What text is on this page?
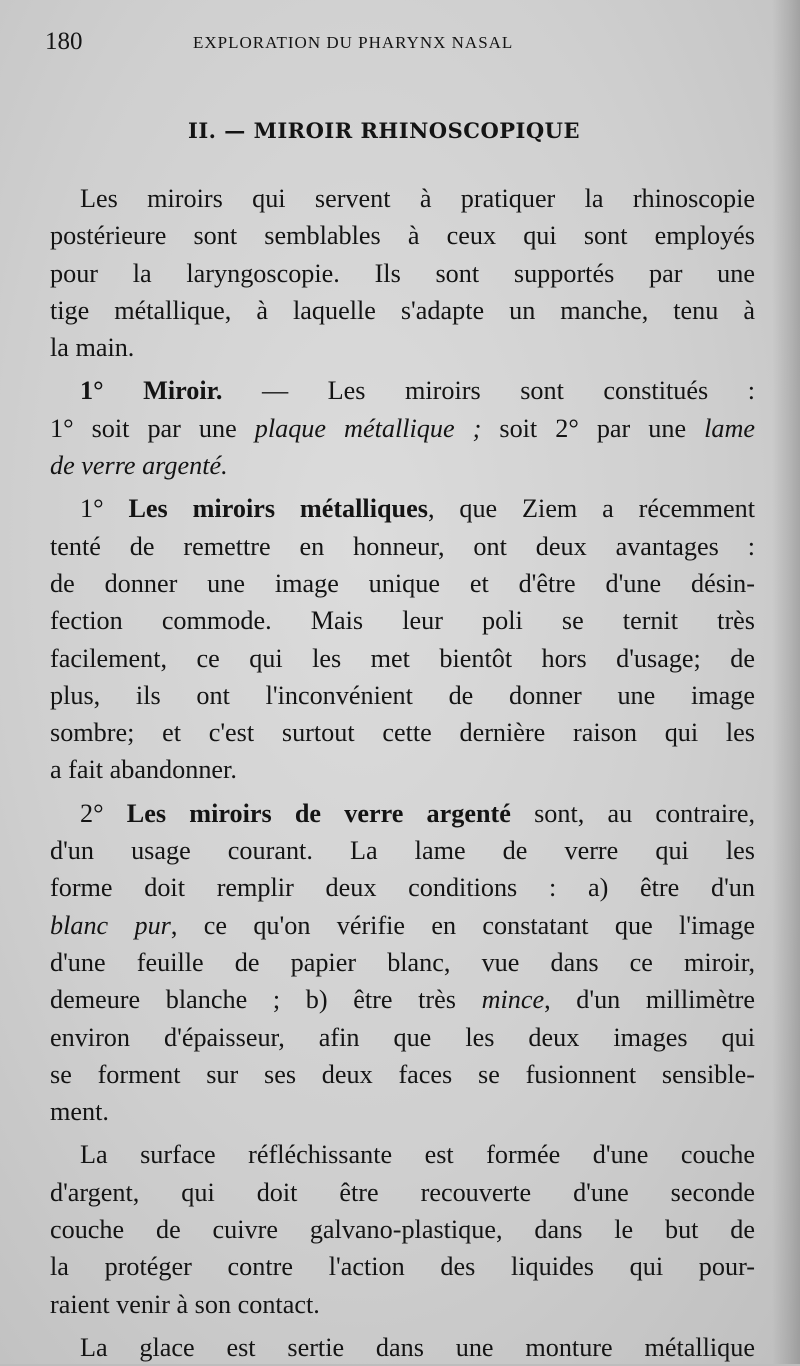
180	EXPLORATION DU PHARYNX NASAL
II. — MIROIR RHINOSCOPIQUE
Les miroirs qui servent à pratiquer la rhinoscopie
postérieure sont semblables à ceux qui sont employés
pour la laryngoscopie. Ils sont supportés par une
tige métallique, à laquelle s'adapte un manche, tenu à
la main.
1° Miroir. — Les miroirs sont constitués :
1° soit par une plaque métallique ; soit 2° par une lame
de verre argenté.
1° Les miroirs métalliques, que Ziem a récemment
tenté de remettre en honneur, ont deux avantages :
de donner une image unique et d'être d'une désin-
fection commode. Mais leur poli se ternit très
facilement, ce qui les met bientôt hors d'usage; de
plus, ils ont l'inconvénient de donner une image
sombre; et c'est surtout cette dernière raison qui les
a fait abandonner.
2° Les miroirs de verre argenté sont, au contraire,
d'un usage courant. La lame de verre qui les
forme doit remplir deux conditions : a) être d'un
blanc pur, ce qu'on vérifie en constatant que l'image
d'une feuille de papier blanc, vue dans ce miroir,
demeure blanche ; b) être très mince, d'un millimètre
environ d'épaisseur, afin que les deux images qui
se forment sur ses deux faces se fusionnent sensible-
ment.
La surface réfléchissante est formée d'une couche
d'argent, qui doit être recouverte d'une seconde
couche de cuivre galvano-plastique, dans le but de
la protéger contre l'action des liquides qui pour-
raient venir à son contact.
La glace est sertie dans une monture métallique
